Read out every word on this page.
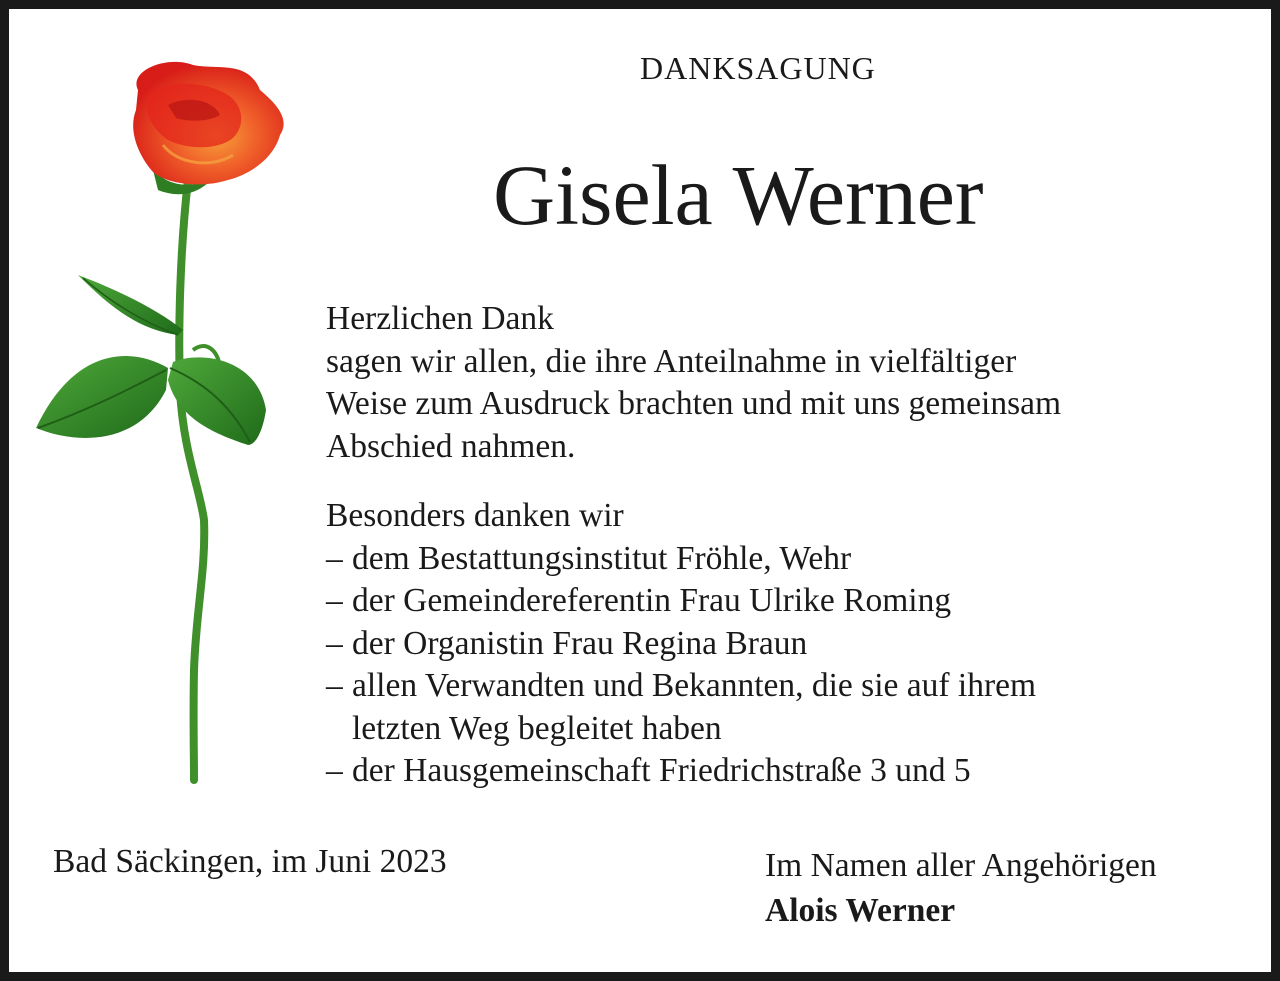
DANKSAGUNG
Gisela Werner
Herzlichen Dank
sagen wir allen, die ihre Anteilnahme in vielfältiger
Weise zum Ausdruck brachten und mit uns gemeinsam
Abschied nahmen.
Besonders danken wir
– dem Bestattungsinstitut Fröhle, Wehr
– der Gemeindereferentin Frau Ulrike Roming
– der Organistin Frau Regina Braun
– allen Verwandten und Bekannten, die sie auf ihrem
letzten Weg begleitet haben
– der Hausgemeinschaft Friedrichstraße 3 und 5
Bad Säckingen, im Juni 2023	Im Namen aller Angehörigen
Alois Werner
